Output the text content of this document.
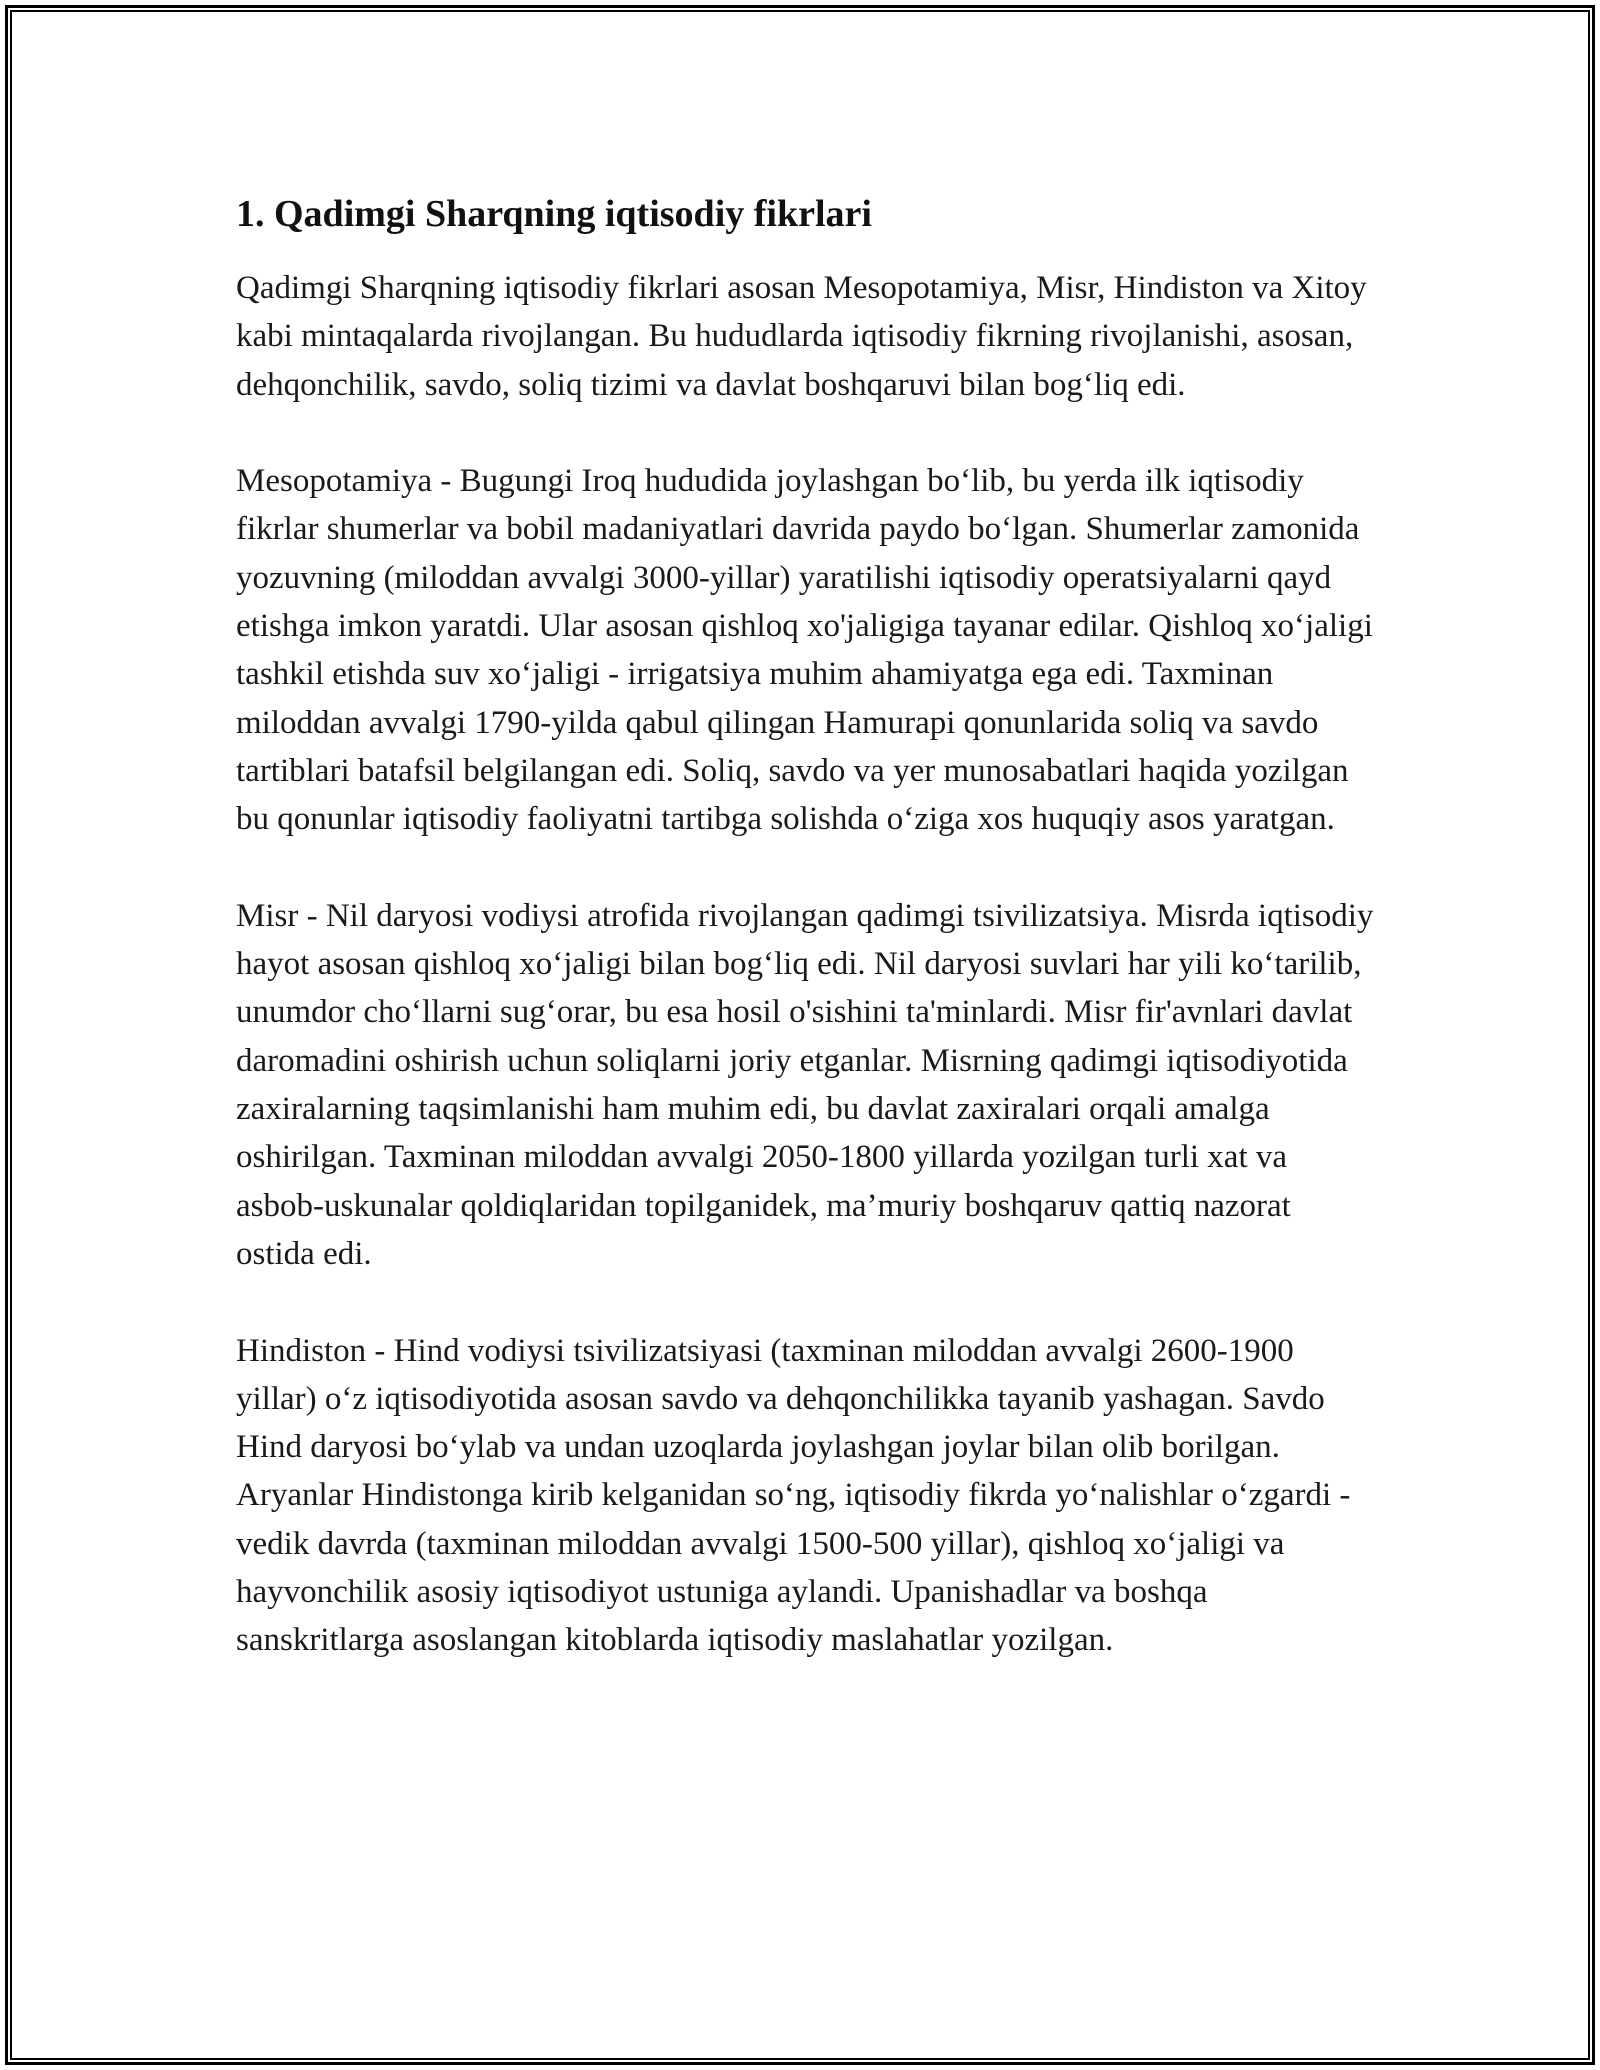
1. Qadimgi Sharqning iqtisodiy fikrlari

Qadimgi Sharqning iqtisodiy fikrlari asosan Mesopotamiya, Misr, Hindiston va Xitoy kabi mintaqalarda rivojlangan. Bu hududlarda iqtisodiy fikrning rivojlanishi, asosan, dehqonchilik, savdo, soliq tizimi va davlat boshqaruvi bilan bog‘liq edi.

Mesopotamiya - Bugungi Iroq hududida joylashgan bo‘lib, bu yerda ilk iqtisodiy fikrlar shumerlar va bobil madaniyatlari davrida paydo bo‘lgan. Shumerlar zamonida yozuvning (miloddan avvalgi 3000-yillar) yaratilishi iqtisodiy operatsiyalarni qayd etishga imkon yaratdi. Ular asosan qishloq xo'jaligiga tayanar edilar. Qishloq xo‘jaligi tashkil etishda suv xo‘jaligi - irrigatsiya muhim ahamiyatga ega edi. Taxminan miloddan avvalgi 1790-yilda qabul qilingan Hamurapi qonunlarida soliq va savdo tartiblari batafsil belgilangan edi. Soliq, savdo va yer munosabatlari haqida yozilgan bu qonunlar iqtisodiy faoliyatni tartibga solishda o‘ziga xos huquqiy asos yaratgan.

Misr - Nil daryosi vodiysi atrofida rivojlangan qadimgi tsivilizatsiya. Misrda iqtisodiy hayot asosan qishloq xo‘jaligi bilan bog‘liq edi. Nil daryosi suvlari har yili ko‘tarilib, unumdor cho‘llarni sug‘orar, bu esa hosil o'sishini ta'minlardi. Misr fir'avnlari davlat daromadini oshirish uchun soliqlarni joriy etganlar. Misrning qadimgi iqtisodiyotida zaxiralarning taqsimlanishi ham muhim edi, bu davlat zaxiralari orqali amalga oshirilgan. Taxminan miloddan avvalgi 2050-1800 yillarda yozilgan turli xat va asbob-uskunalar qoldiqlaridan topilganidek, ma’muriy boshqaruv qattiq nazorat ostida edi.

Hindiston - Hind vodiysi tsivilizatsiyasi (taxminan miloddan avvalgi 2600-1900 yillar) o‘z iqtisodiyotida asosan savdo va dehqonchilikka tayanib yashagan. Savdo Hind daryosi bo‘ylab va undan uzoqlarda joylashgan joylar bilan olib borilgan. Aryanlar Hindistonga kirib kelganidan so‘ng, iqtisodiy fikrda yo‘nalishlar o‘zgardi - vedik davrda (taxminan miloddan avvalgi 1500-500 yillar), qishloq xo‘jaligi va hayvonchilik asosiy iqtisodiyot ustuniga aylandi. Upanishadlar va boshqa sanskritlarga asoslangan kitoblarda iqtisodiy maslahatlar yozilgan.
